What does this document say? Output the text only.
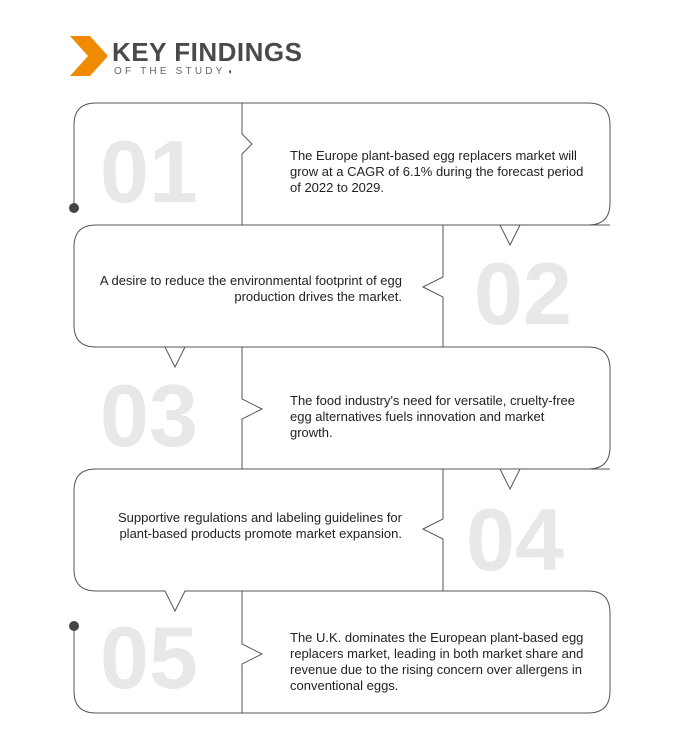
KEY FINDINGS
OF THE STUDY ◖
01	The Europe plant-based egg replacers market will grow at a CAGR of 6.1% during the forecast period of 2022 to 2029.
02
A desire to reduce the environmental footprint of egg production drives the market.
03	The food industry's need for versatile, cruelty-free egg alternatives fuels innovation and market growth.
04
Supportive regulations and labeling guidelines for plant-based products promote market expansion.
05	The U.K. dominates the European plant-based egg replacers market, leading in both market share and revenue due to the rising concern over allergens in conventional eggs.
